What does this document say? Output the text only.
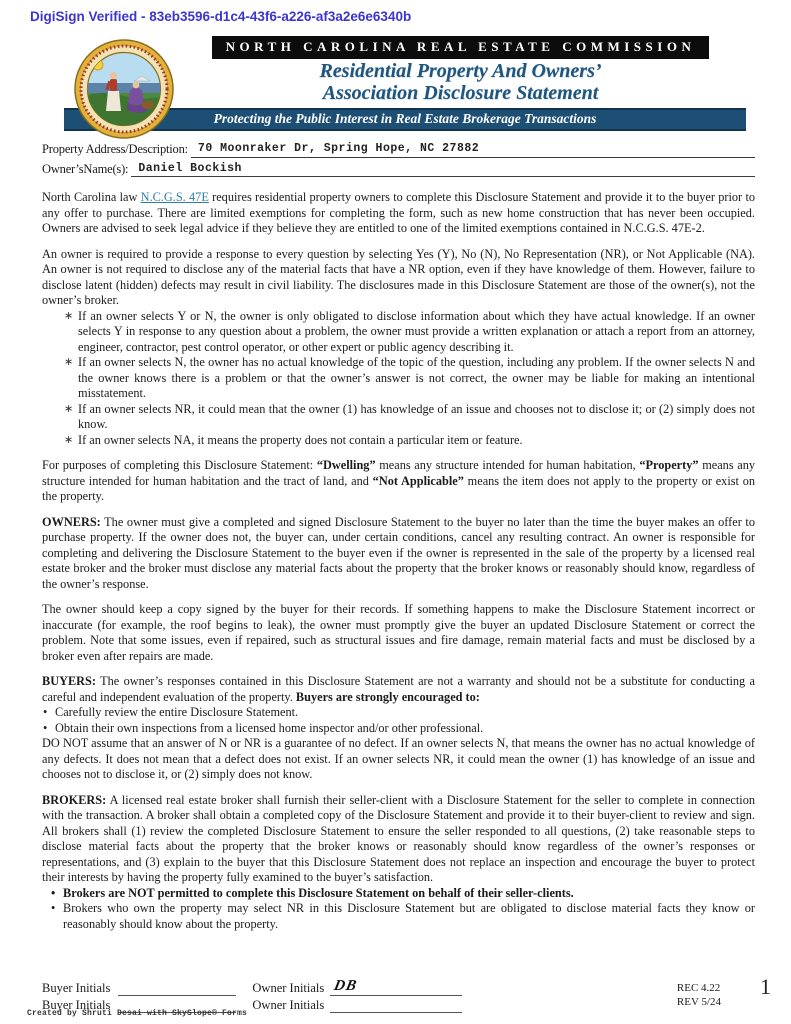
DigiSign Verified - 83eb3596-d1c4-43f6-a226-af3a2e6e6340b
NORTH CAROLINA REAL ESTATE COMMISSION
Residential Property And Owners’
Association Disclosure Statement
Protecting the Public Interest in Real Estate Brokerage Transactions
Property Address/Description: 70 Moonraker Dr, Spring Hope, NC 27882
Owner’sName(s): Daniel Bockish

North Carolina law N.C.G.S. 47E requires residential property owners to complete this Disclosure Statement and provide it to the buyer prior to any offer to purchase. There are limited exemptions for completing the form, such as new home construction that has never been occupied. Owners are advised to seek legal advice if they believe they are entitled to one of the limited exemptions contained in N.C.G.S. 47E-2.

An owner is required to provide a response to every question by selecting Yes (Y), No (N), No Representation (NR), or Not Applicable (NA). An owner is not required to disclose any of the material facts that have a NR option, even if they have knowledge of them. However, failure to disclose latent (hidden) defects may result in civil liability. The disclosures made in this Disclosure Statement are those of the owner(s), not the owner’s broker.

∗ If an owner selects Y or N, the owner is only obligated to disclose information about which they have actual knowledge. If an owner selects Y in response to any question about a problem, the owner must provide a written explanation or attach a report from an attorney, engineer, contractor, pest control operator, or other expert or public agency describing it.
∗ If an owner selects N, the owner has no actual knowledge of the topic of the question, including any problem. If the owner selects N and the owner knows there is a problem or that the owner’s answer is not correct, the owner may be liable for making an intentional misstatement.
∗ If an owner selects NR, it could mean that the owner (1) has knowledge of an issue and chooses not to disclose it; or (2) simply does not know.
∗ If an owner selects NA, it means the property does not contain a particular item or feature.

For purposes of completing this Disclosure Statement: “Dwelling” means any structure intended for human habitation, “Property” means any structure intended for human habitation and the tract of land, and “Not Applicable” means the item does not apply to the property or exist on the property.

OWNERS: The owner must give a completed and signed Disclosure Statement to the buyer no later than the time the buyer makes an offer to purchase property. If the owner does not, the buyer can, under certain conditions, cancel any resulting contract. An owner is responsible for completing and delivering the Disclosure Statement to the buyer even if the owner is represented in the sale of the property by a licensed real estate broker and the broker must disclose any material facts about the property that the broker knows or reasonably should know, regardless of the owner’s response.

The owner should keep a copy signed by the buyer for their records. If something happens to make the Disclosure Statement incorrect or inaccurate (for example, the roof begins to leak), the owner must promptly give the buyer an updated Disclosure Statement or correct the problem. Note that some issues, even if repaired, such as structural issues and fire damage, remain material facts and must be disclosed by a broker even after repairs are made.

BUYERS: The owner’s responses contained in this Disclosure Statement are not a warranty and should not be a substitute for conducting a careful and independent evaluation of the property. Buyers are strongly encouraged to:

• Carefully review the entire Disclosure Statement.
• Obtain their own inspections from a licensed home inspector and/or other professional.

DO NOT assume that an answer of N or NR is a guarantee of no defect. If an owner selects N, that means the owner has no actual knowledge of any defects. It does not mean that a defect does not exist. If an owner selects NR, it could mean the owner (1) has knowledge of an issue and chooses not to disclose it, or (2) simply does not know.

BROKERS: A licensed real estate broker shall furnish their seller-client with a Disclosure Statement for the seller to complete in connection with the transaction. A broker shall obtain a completed copy of the Disclosure Statement and provide it to their buyer-client to review and sign. All brokers shall (1) review the completed Disclosure Statement to ensure the seller responded to all questions, (2) take reasonable steps to disclose material facts about the property that the broker knows or reasonably should know regardless of the owner’s responses or representations, and (3) explain to the buyer that this Disclosure Statement does not replace an inspection and encourage the buyer to protect their interests by having the property fully examined to the buyer’s satisfaction.

• Brokers are NOT permitted to complete this Disclosure Statement on behalf of their seller-clients.
• Brokers who own the property may select NR in this Disclosure Statement but are obligated to disclose material facts they know or reasonably should know about the property.
Buyer Initials	Owner Initials DB
Buyer Initials	Owner Initials
REC 4.22
REV 5/24
1
Created by Shruti Desai with SkySlope® Forms
